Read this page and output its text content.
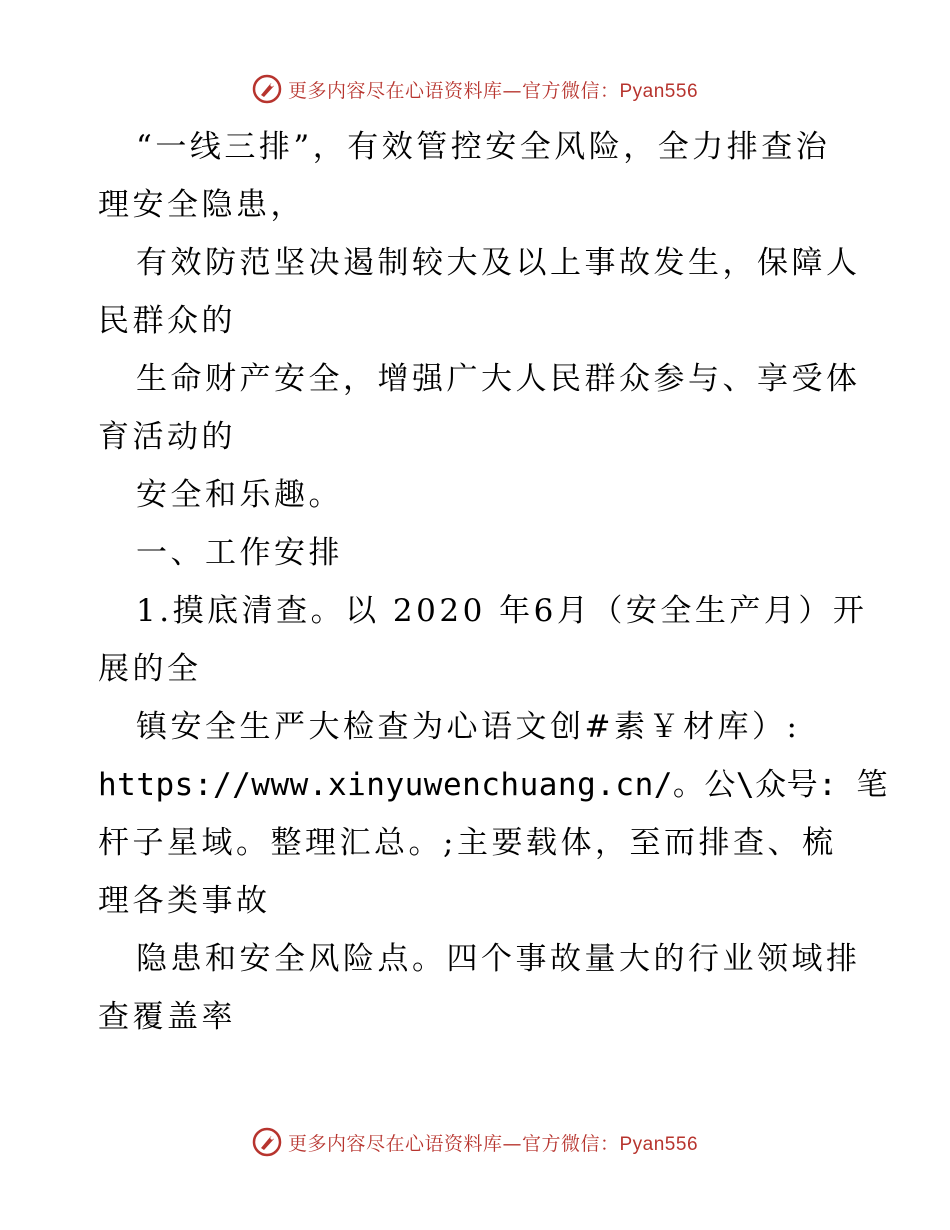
更多内容尽在心语资料库—官方微信：Pyan556
“一线三排”，有效管控安全风险，全力排查治
理安全隐患，
有效防范坚决遏制较大及以上事故发生，保障人
民群众的
生命财产安全，增强广大人民群众参与、享受体
育活动的
安全和乐趣。
一、工作安排
1.摸底清查。以 2020 年6月（安全生产月）开
展的全
镇安全生严大检查为心语文创#素￥材库）:
https://www.xinyuwenchuang.cn/。公\众号: 笔
杆子星域。整理汇总。;主要载体，至而排查、梳
理各类事故
隐患和安全风险点。四个事故量大的行业领域排
查覆盖率
更多内容尽在心语资料库—官方微信：Pyan556
